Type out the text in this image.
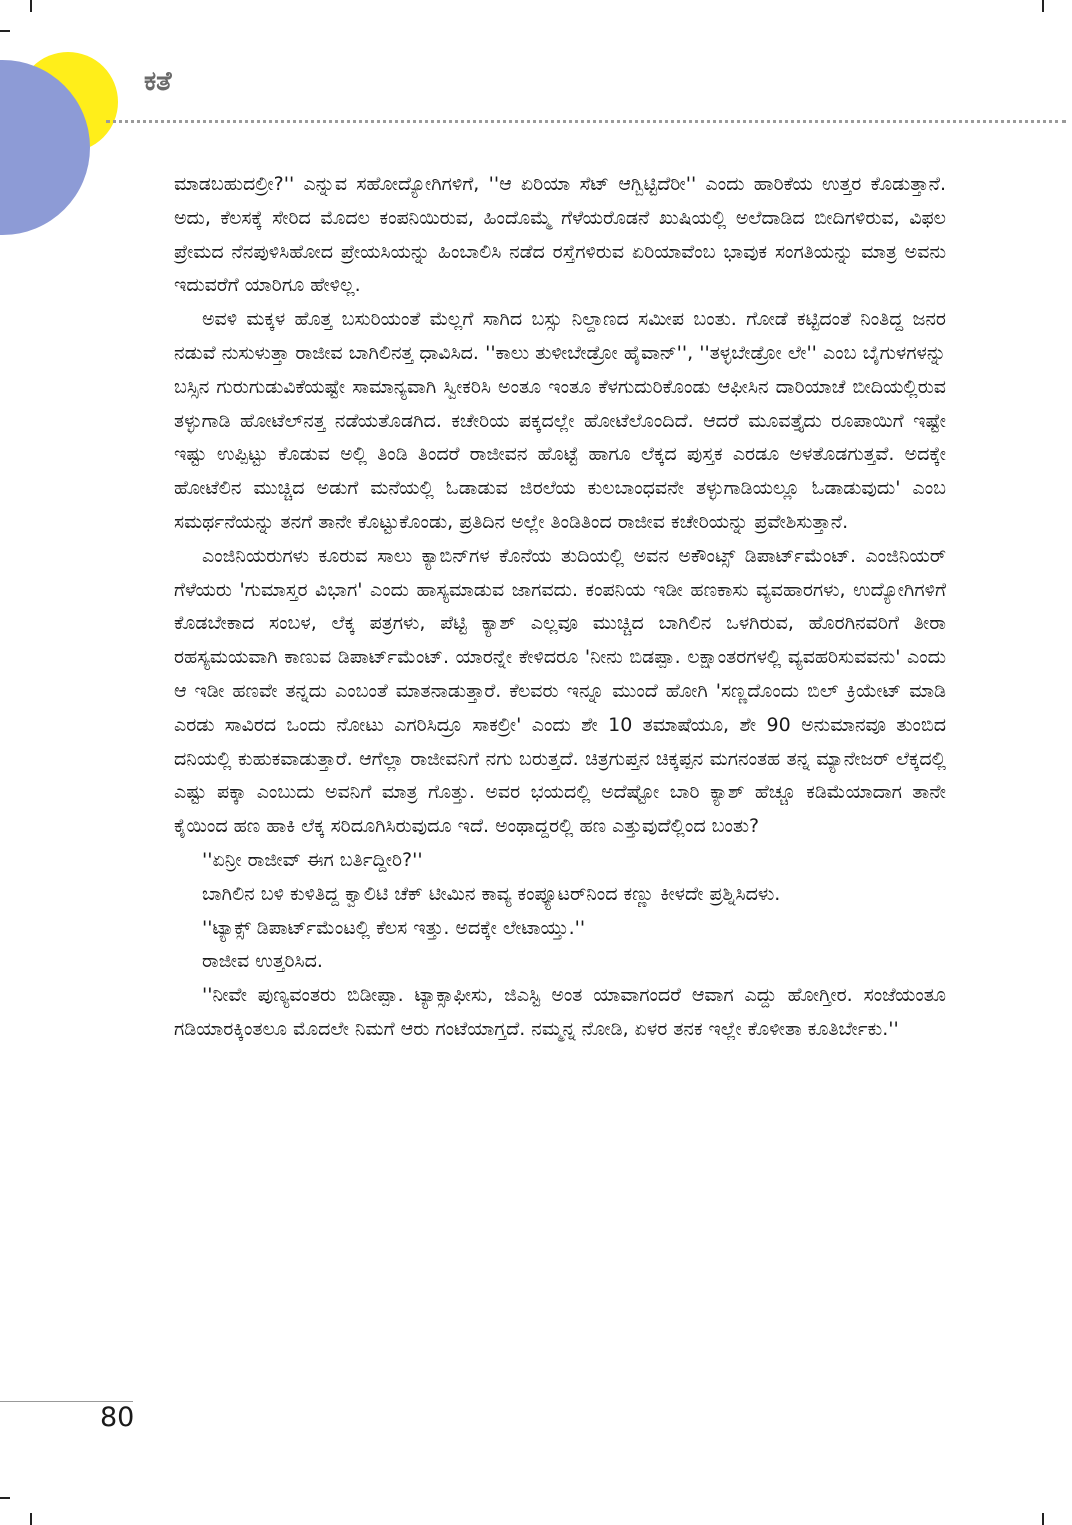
ಕತೆ

ಮಾಡಬಹುದಲ್ರೀ?'' ಎನ್ನುವ ಸಹೋದ್ಯೋಗಿಗಳಿಗೆ, ''ಆ ಏರಿಯಾ ಸೆಟ್ ಆಗ್ಬಿಟ್ಟಿದೆರೀ'' ಎಂದು ಹಾರಿಕೆಯ ಉತ್ತರ ಕೊಡುತ್ತಾನೆ. ಅದು, ಕೆಲಸಕ್ಕೆ ಸೇರಿದ ಮೊದಲ ಕಂಪನಿಯಿರುವ, ಹಿಂದೊಮ್ಮೆ ಗೆಳೆಯರೊಡನೆ ಖುಷಿಯಲ್ಲಿ ಅಲೆದಾಡಿದ ಬೀದಿಗಳಿರುವ, ವಿಫಲ ಪ್ರೇಮದ ನೆನಪುಳಿಸಿಹೋದ ಪ್ರೇಯಸಿಯನ್ನು ಹಿಂಬಾಲಿಸಿ ನಡೆದ ರಸ್ತೆಗಳಿರುವ ಏರಿಯಾವೆಂಬ ಭಾವುಕ ಸಂಗತಿಯನ್ನು ಮಾತ್ರ ಅವನು ಇದುವರೆಗೆ ಯಾರಿಗೂ ಹೇಳಿಲ್ಲ.

ಅವಳಿ ಮಕ್ಕಳ ಹೊತ್ತ ಬಸುರಿಯಂತೆ ಮೆಲ್ಲಗೆ ಸಾಗಿದ ಬಸ್ಸು ನಿಲ್ದಾಣದ ಸಮೀಪ ಬಂತು. ಗೋಡೆ ಕಟ್ಟಿದಂತೆ ನಿಂತಿದ್ದ ಜನರ ನಡುವೆ ನುಸುಳುತ್ತಾ ರಾಜೀವ ಬಾಗಿಲಿನತ್ತ ಧಾವಿಸಿದ. ''ಕಾಲು ತುಳೀಬೇಡ್ರೋ ಹೈವಾನ್'', ''ತಳ್ಳಬೇಡ್ರೋ ಲೇ'' ಎಂಬ ಬೈಗುಳಗಳನ್ನು ಬಸ್ಸಿನ ಗುರುಗುಡುವಿಕೆಯಷ್ಟೇ ಸಾಮಾನ್ಯವಾಗಿ ಸ್ವೀಕರಿಸಿ ಅಂತೂ ಇಂತೂ ಕೆಳಗುದುರಿಕೊಂಡು ಆಫೀಸಿನ ದಾರಿಯಾಚೆ ಬೀದಿಯಲ್ಲಿರುವ ತಳ್ಳುಗಾಡಿ ಹೋಟೆಲ್‌ನತ್ತ ನಡೆಯತೊಡಗಿದ. ಕಚೇರಿಯ ಪಕ್ಕದಲ್ಲೇ ಹೋಟೆಲೊಂದಿದೆ. ಆದರೆ ಮೂವತ್ತೈದು ರೂಪಾಯಿಗೆ ಇಷ್ಟೇ ಇಷ್ಟು ಉಪ್ಪಿಟ್ಟು ಕೊಡುವ ಅಲ್ಲಿ ತಿಂಡಿ ತಿಂದರೆ ರಾಜೀವನ ಹೊಟ್ಟೆ ಹಾಗೂ ಲೆಕ್ಕದ ಪುಸ್ತಕ ಎರಡೂ ಅಳತೊಡಗುತ್ತವೆ. ಅದಕ್ಕೇ ಹೋಟೆಲಿನ ಮುಚ್ಚಿದ ಅಡುಗೆ ಮನೆಯಲ್ಲಿ ಓಡಾಡುವ ಜಿರಲೆಯ ಕುಲಬಾಂಧವನೇ ತಳ್ಳುಗಾಡಿಯಲ್ಲೂ ಓಡಾಡುವುದು' ಎಂಬ ಸಮರ್ಥನೆಯನ್ನು ತನಗೆ ತಾನೇ ಕೊಟ್ಟುಕೊಂಡು, ಪ್ರತಿದಿನ ಅಲ್ಲೇ ತಿಂಡಿತಿಂದ ರಾಜೀವ ಕಚೇರಿಯನ್ನು ಪ್ರವೇಶಿಸುತ್ತಾನೆ.

ಎಂಜಿನಿಯರುಗಳು ಕೂರುವ ಸಾಲು ಕ್ಯಾಬಿನ್‌ಗಳ ಕೊನೆಯ ತುದಿಯಲ್ಲಿ ಅವನ ಅಕೌಂಟ್ಸ್ ಡಿಪಾರ್ಟ್‌ಮೆಂಟ್. ಎಂಜಿನಿಯರ್ ಗೆಳೆಯರು 'ಗುಮಾಸ್ತರ ವಿಭಾಗ' ಎಂದು ಹಾಸ್ಯಮಾಡುವ ಜಾಗವದು. ಕಂಪನಿಯ ಇಡೀ ಹಣಕಾಸು ವ್ಯವಹಾರಗಳು, ಉದ್ಯೋಗಿಗಳಿಗೆ ಕೊಡಬೇಕಾದ ಸಂಬಳ, ಲೆಕ್ಕ ಪತ್ರಗಳು, ಪೆಟ್ಟಿ ಕ್ಯಾಶ್ ಎಲ್ಲವೂ ಮುಚ್ಚಿದ ಬಾಗಿಲಿನ ಒಳಗಿರುವ, ಹೊರಗಿನವರಿಗೆ ತೀರಾ ರಹಸ್ಯಮಯವಾಗಿ ಕಾಣುವ ಡಿಪಾರ್ಟ್‌ಮೆಂಟ್. ಯಾರನ್ನೇ ಕೇಳಿದರೂ 'ನೀನು ಬಿಡಪ್ಪಾ. ಲಕ್ಷಾಂತರಗಳಲ್ಲಿ ವ್ಯವಹರಿಸುವವನು' ಎಂದು ಆ ಇಡೀ ಹಣವೇ ತನ್ನದು ಎಂಬಂತೆ ಮಾತನಾಡುತ್ತಾರೆ. ಕೆಲವರು ಇನ್ನೂ ಮುಂದೆ ಹೋಗಿ 'ಸಣ್ಣದೊಂದು ಬಿಲ್ ಕ್ರಿಯೇಟ್ ಮಾಡಿ ಎರಡು ಸಾವಿರದ ಒಂದು ನೋಟು ಎಗರಿಸಿದ್ರೂ ಸಾಕಲ್ರೀ' ಎಂದು ಶೇ 10 ತಮಾಷೆಯೂ, ಶೇ 90 ಅನುಮಾನವೂ ತುಂಬಿದ ದನಿಯಲ್ಲಿ ಕುಹುಕವಾಡುತ್ತಾರೆ. ಆಗೆಲ್ಲಾ ರಾಜೀವನಿಗೆ ನಗು ಬರುತ್ತದೆ. ಚಿತ್ರಗುಪ್ತನ ಚಿಕ್ಕಪ್ಪನ ಮಗನಂತಹ ತನ್ನ ಮ್ಯಾನೇಜರ್ ಲೆಕ್ಕದಲ್ಲಿ ಎಷ್ಟು ಪಕ್ಕಾ ಎಂಬುದು ಅವನಿಗೆ ಮಾತ್ರ ಗೊತ್ತು. ಅವರ ಭಯದಲ್ಲಿ ಅದೆಷ್ಟೋ ಬಾರಿ ಕ್ಯಾಶ್ ಹೆಚ್ಚೂ ಕಡಿಮೆಯಾದಾಗ ತಾನೇ ಕೈಯಿಂದ ಹಣ ಹಾಕಿ ಲೆಕ್ಕ ಸರಿದೂಗಿಸಿರುವುದೂ ಇದೆ. ಅಂಥಾದ್ದರಲ್ಲಿ ಹಣ ಎತ್ತುವುದೆಲ್ಲಿಂದ ಬಂತು?

''ಏನ್ರೀ ರಾಜೀವ್ ಈಗ ಬರ್ತಿದ್ದೀರಿ?''

ಬಾಗಿಲಿನ ಬಳಿ ಕುಳಿತಿದ್ದ ಕ್ವಾಲಿಟಿ ಚೆಕ್ ಟೀಮಿನ ಕಾವ್ಯ ಕಂಪ್ಯೂಟರ್‌ನಿಂದ ಕಣ್ಣು ಕೀಳದೇ ಪ್ರಶ್ನಿಸಿದಳು.

''ಟ್ಯಾಕ್ಸ್ ಡಿಪಾರ್ಟ್‌ಮೆಂಟಲ್ಲಿ ಕೆಲಸ ಇತ್ತು. ಅದಕ್ಕೇ ಲೇಟಾಯ್ತು.''

ರಾಜೀವ ಉತ್ತರಿಸಿದ.

''ನೀವೇ ಪುಣ್ಯವಂತರು ಬಿಡೀಪ್ಪಾ. ಟ್ಯಾಕ್ಸಾಫೀಸು, ಜಿಎಸ್ಟಿ ಅಂತ ಯಾವಾಗಂದರೆ ಆವಾಗ ಎದ್ದು ಹೋಗ್ತೀರ. ಸಂಜೆಯಂತೂ ಗಡಿಯಾರಕ್ಕಿಂತಲೂ ಮೊದಲೇ ನಿಮಗೆ ಆರು ಗಂಟೆಯಾಗ್ತದೆ. ನಮ್ಮನ್ನ ನೋಡಿ, ಏಳರ ತನಕ ಇಲ್ಲೇ ಕೊಳೀತಾ ಕೂತಿರ್ಬೇಕು.''

80
